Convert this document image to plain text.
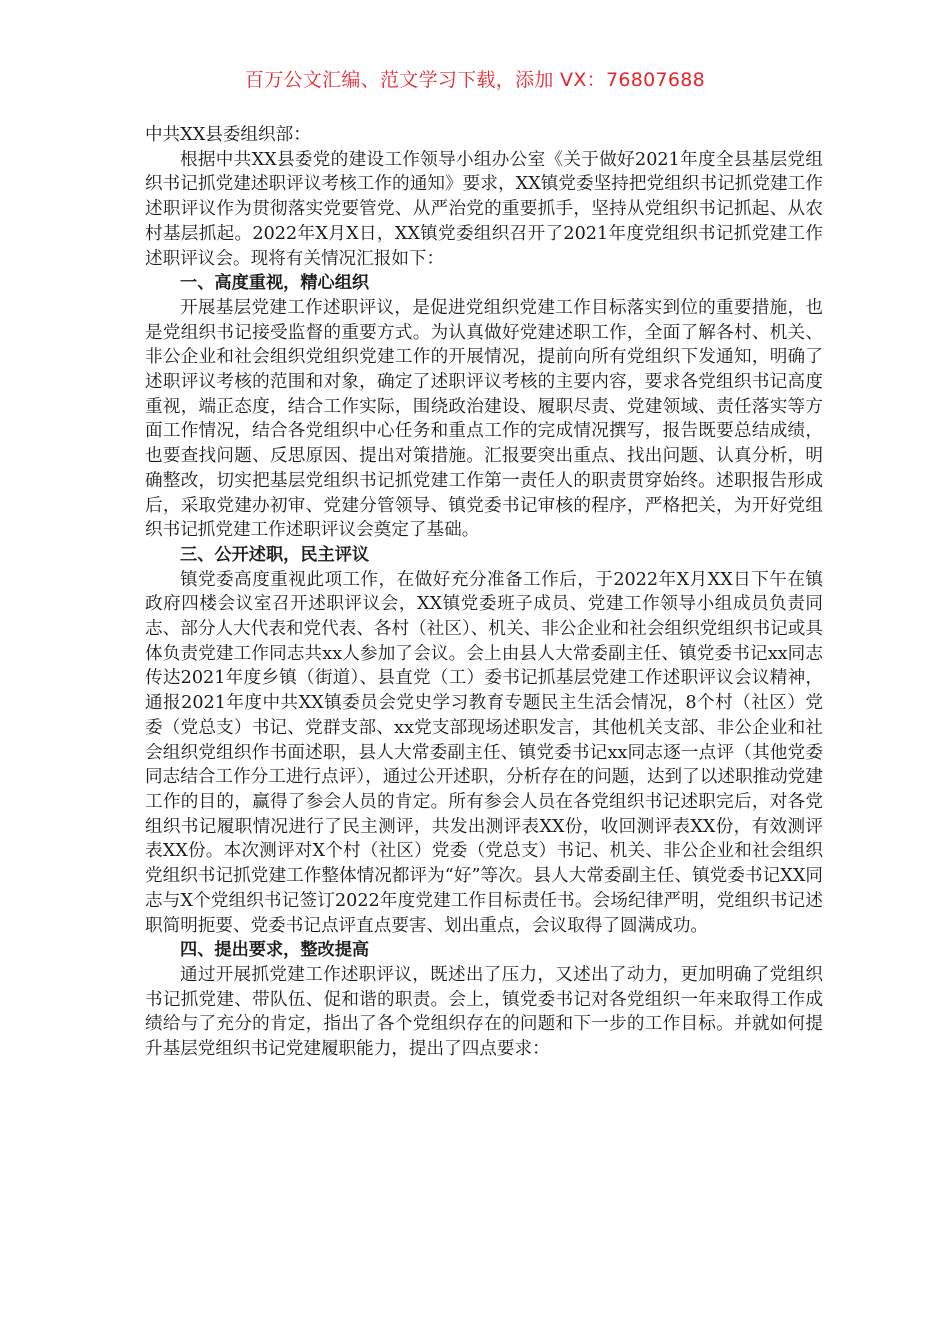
百万公文汇编、范文学习下载，添加 VX：76807688

中共XX县委组织部：

根据中共XX县委党的建设工作领导小组办公室《关于做好2021年度全县基层党组织书记抓党建述职评议考核工作的通知》要求，XX镇党委坚持把党组织书记抓党建工作述职评议作为贯彻落实党要管党、从严治党的重要抓手，坚持从党组织书记抓起、从农村基层抓起。2022年X月X日，XX镇党委组织召开了2021年度党组织书记抓党建工作述职评议会。现将有关情况汇报如下：

一、高度重视，精心组织

开展基层党建工作述职评议，是促进党组织党建工作目标落实到位的重要措施，也是党组织书记接受监督的重要方式。为认真做好党建述职工作，全面了解各村、机关、非公企业和社会组织党组织党建工作的开展情况，提前向所有党组织下发通知，明确了述职评议考核的范围和对象，确定了述职评议考核的主要内容，要求各党组织书记高度重视，端正态度，结合工作实际，围绕政治建设、履职尽责、党建领域、责任落实等方面工作情况，结合各党组织中心任务和重点工作的完成情况撰写，报告既要总结成绩，也要查找问题、反思原因、提出对策措施。汇报要突出重点、找出问题、认真分析，明确整改，切实把基层党组织书记抓党建工作第一责任人的职责贯穿始终。述职报告形成后，采取党建办初审、党建分管领导、镇党委书记审核的程序，严格把关，为开好党组织书记抓党建工作述职评议会奠定了基础。

三、公开述职，民主评议

镇党委高度重视此项工作，在做好充分准备工作后，于2022年X月XX日下午在镇政府四楼会议室召开述职评议会，XX镇党委班子成员、党建工作领导小组成员负责同志、部分人大代表和党代表、各村（社区）、机关、非公企业和社会组织党组织书记或具体负责党建工作同志共xx人参加了会议。会上由县人大常委副主任、镇党委书记xx同志传达2021年度乡镇（街道）、县直党（工）委书记抓基层党建工作述职评议会议精神，通报2021年度中共XX镇委员会党史学习教育专题民主生活会情况，8个村（社区）党委（党总支）书记、党群支部、xx党支部现场述职发言，其他机关支部、非公企业和社会组织党组织作书面述职，县人大常委副主任、镇党委书记xx同志逐一点评（其他党委同志结合工作分工进行点评），通过公开述职，分析存在的问题，达到了以述职推动党建工作的目的，赢得了参会人员的肯定。所有参会人员在各党组织书记述职完后，对各党组织书记履职情况进行了民主测评，共发出测评表XX份，收回测评表XX份，有效测评表XX份。本次测评对X个村（社区）党委（党总支）书记、机关、非公企业和社会组织党组织书记抓党建工作整体情况都评为“好”等次。县人大常委副主任、镇党委书记XX同志与X个党组织书记签订2022年度党建工作目标责任书。会场纪律严明，党组织书记述职简明扼要、党委书记点评直点要害、划出重点，会议取得了圆满成功。

四、提出要求，整改提高

通过开展抓党建工作述职评议，既述出了压力，又述出了动力，更加明确了党组织书记抓党建、带队伍、促和谐的职责。会上，镇党委书记对各党组织一年来取得工作成绩给与了充分的肯定，指出了各个党组织存在的问题和下一步的工作目标。并就如何提升基层党组织书记党建履职能力，提出了四点要求：
